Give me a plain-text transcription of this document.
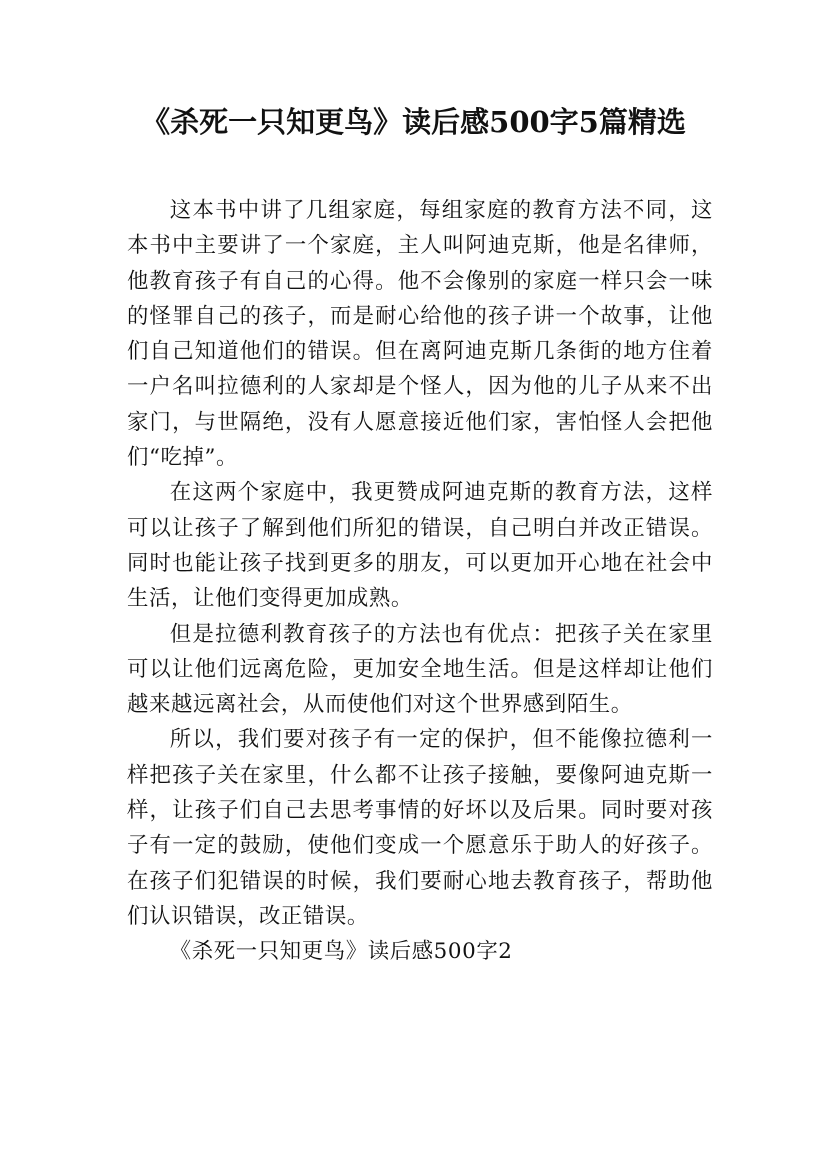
《杀死一只知更鸟》读后感500字5篇精选

这本书中讲了几组家庭，每组家庭的教育方法不同，这本书中主要讲了一个家庭，主人叫阿迪克斯，他是名律师，他教育孩子有自己的心得。他不会像别的家庭一样只会一味的怪罪自己的孩子，而是耐心给他的孩子讲一个故事，让他们自己知道他们的错误。但在离阿迪克斯几条街的地方住着一户名叫拉德利的人家却是个怪人，因为他的儿子从来不出家门，与世隔绝，没有人愿意接近他们家，害怕怪人会把他们“吃掉”。

在这两个家庭中，我更赞成阿迪克斯的教育方法，这样可以让孩子了解到他们所犯的错误，自己明白并改正错误。同时也能让孩子找到更多的朋友，可以更加开心地在社会中生活，让他们变得更加成熟。

但是拉德利教育孩子的方法也有优点：把孩子关在家里可以让他们远离危险，更加安全地生活。但是这样却让他们越来越远离社会，从而使他们对这个世界感到陌生。

所以，我们要对孩子有一定的保护，但不能像拉德利一样把孩子关在家里，什么都不让孩子接触，要像阿迪克斯一样，让孩子们自己去思考事情的好坏以及后果。同时要对孩子有一定的鼓励，使他们变成一个愿意乐于助人的好孩子。在孩子们犯错误的时候，我们要耐心地去教育孩子，帮助他们认识错误，改正错误。

《杀死一只知更鸟》读后感500字2
